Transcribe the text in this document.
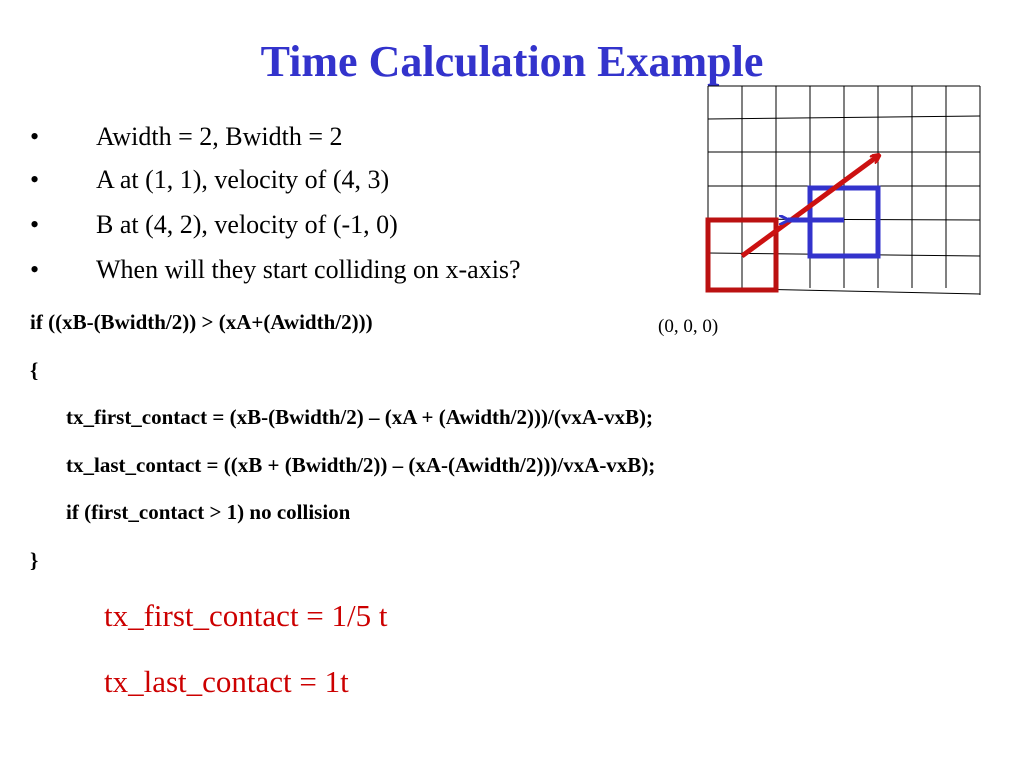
Time Calculation Example
• Awidth = 2, Bwidth = 2
• A at (1, 1), velocity of (4, 3)
• B at (4, 2), velocity of (-1, 0)
• When will they start colliding on x-axis?
if ((xB-(Bwidth/2)) > (xA+(Awidth/2)))
{
tx_first_contact = (xB-(Bwidth/2) – (xA + (Awidth/2)))/(vxA-vxB);
tx_last_contact = ((xB + (Bwidth/2)) – (xA-(Awidth/2)))/vxA-vxB);
if (first_contact > 1) no collision
}
tx_first_contact = 1/5 t
tx_last_contact = 1t
(0, 0, 0)
